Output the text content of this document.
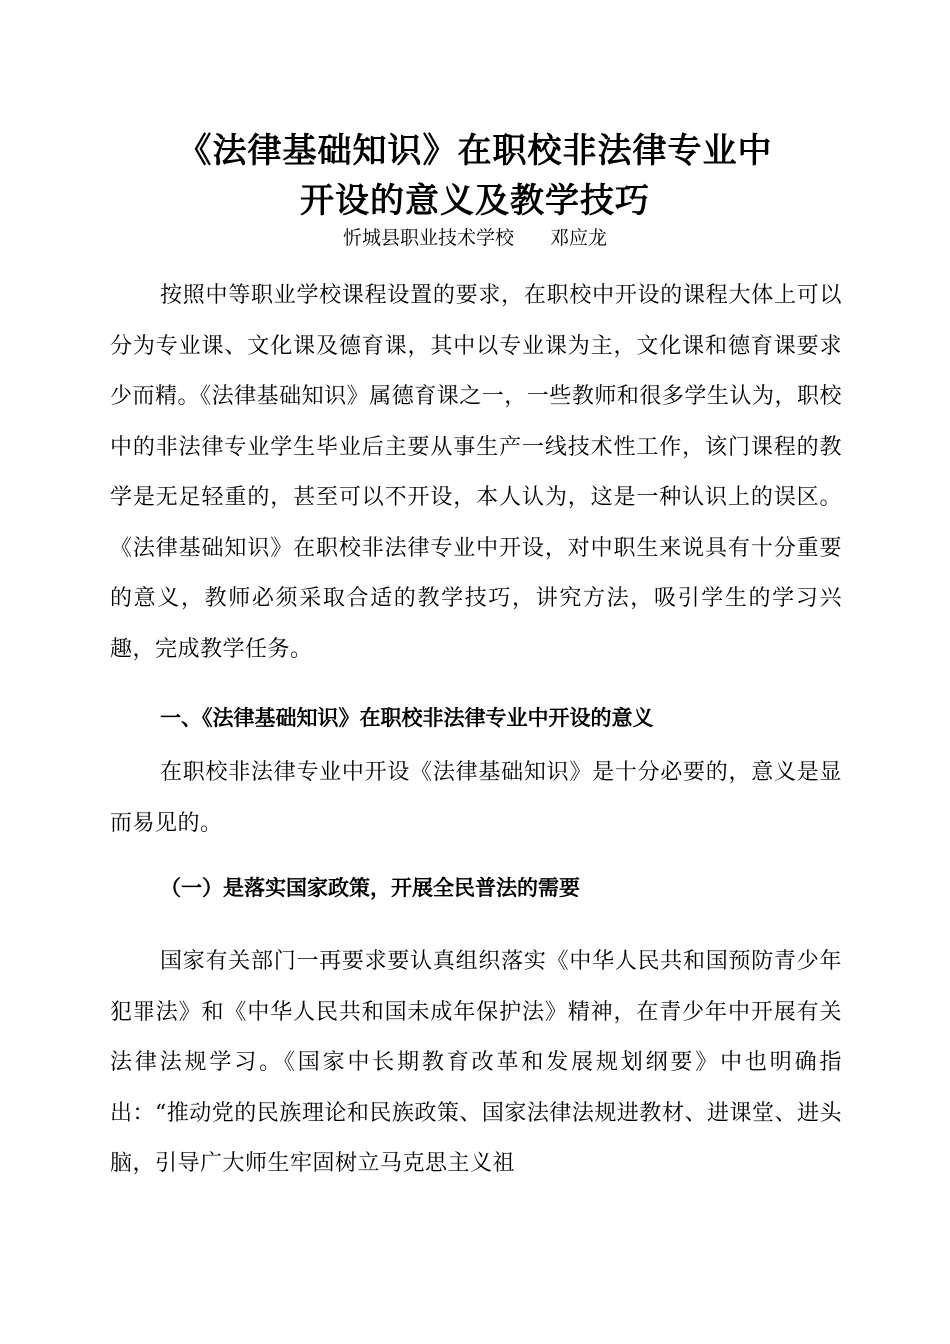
《法律基础知识》在职校非法律专业中
开设的意义及教学技巧
忻城县职业技术学校 邓应龙

按照中等职业学校课程设置的要求，在职校中开设的课程大体上可以分为专业课、文化课及德育课，其中以专业课为主，文化课和德育课要求少而精。《法律基础知识》属德育课之一，一些教师和很多学生认为，职校中的非法律专业学生毕业后主要从事生产一线技术性工作，该门课程的教学是无足轻重的，甚至可以不开设，本人认为，这是一种认识上的误区。《法律基础知识》在职校非法律专业中开设，对中职生来说具有十分重要的意义，教师必须采取合适的教学技巧，讲究方法，吸引学生的学习兴趣，完成教学任务。

一、《法律基础知识》在职校非法律专业中开设的意义

在职校非法律专业中开设《法律基础知识》是十分必要的，意义是显而易见的。

（一）是落实国家政策，开展全民普法的需要

国家有关部门一再要求要认真组织落实《中华人民共和国预防青少年犯罪法》和《中华人民共和国未成年保护法》精神，在青少年中开展有关法律法规学习。《国家中长期教育改革和发展规划纲要》中也明确指出：“推动党的民族理论和民族政策、国家法律法规进教材、进课堂、进头脑，引导广大师生牢固树立马克思主义祖
